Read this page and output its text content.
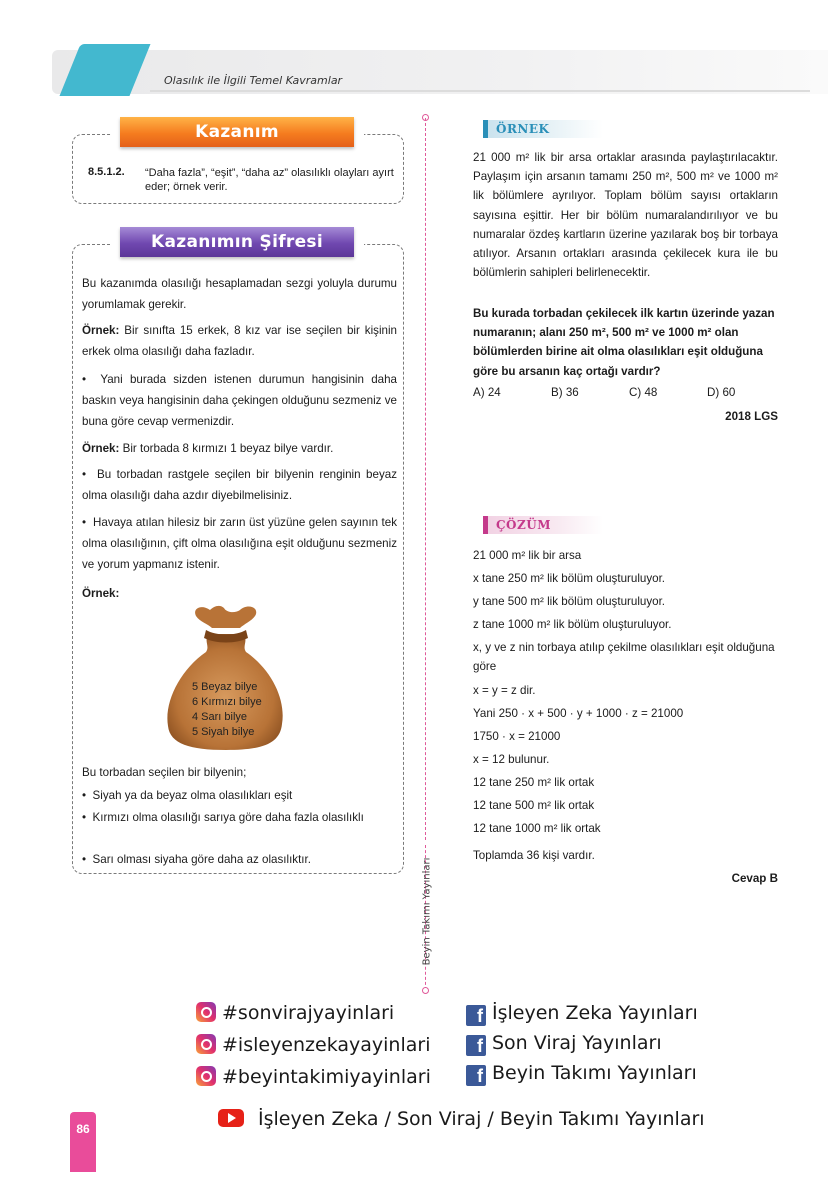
Olasılık ile İlgili Temel Kavramlar
Kazanım
8.5.1.2. “Daha fazla”, “eşit”, “daha az” olasılıklı olayları ayırt eder; örnek verir.
Kazanımın Şifresi
Bu kazanımda olasılığı hesaplamadan sezgi yoluyla durumu yorumlamak gerekir.
Örnek: Bir sınıfta 15 erkek, 8 kız var ise seçilen bir kişinin erkek olma olasılığı daha fazladır.
•  Yani burada sizden istenen durumun hangisinin daha baskın veya hangisinin daha çekingen olduğunu sezmeniz ve buna göre cevap vermenizdir.
Örnek: Bir torbada 8 kırmızı 1 beyaz bilye vardır.
•  Bu torbadan rastgele seçilen bir bilyenin renginin beyaz olma olasılığı daha azdır diyebilmelisiniz.
•  Havaya atılan hilesiz bir zarın üst yüzüne gelen sayının tek olma olasılığının, çift olma olasılığına eşit olduğunu sezmeniz ve yorum yapmanız istenir.
Örnek:
5 Beyaz bilye
6 Kırmızı bilye
4 Sarı bilye
5 Siyah bilye
Bu torbadan seçilen bir bilyenin;
•  Siyah ya da beyaz olma olasılıkları eşit
•  Kırmızı olma olasılığı sarıya göre daha fazla olasılıklı
•  Sarı olması siyaha göre daha az olasılıktır.	Beyin Takımı Yayınları
ÖRNEK
21 000 m² lik bir arsa ortaklar arasında paylaştırılacaktır. Paylaşım için arsanın tamamı 250 m², 500 m² ve 1000 m² lik bölümlere ayrılıyor. Toplam bölüm sayısı ortakların sayısına eşittir. Her bir bölüm numaralandırılıyor ve bu numaralar özdeş kartların üzerine yazılarak boş bir torbaya atılıyor. Arsanın ortakları arasında çekilecek kura ile bu bölümlerin sahipleri belirlenecektir.
Bu kurada torbadan çekilecek ilk kartın üzerinde yazan numaranın; alanı 250 m², 500 m² ve 1000 m² olan bölümlerden birine ait olma olasılıkları eşit olduğuna göre bu arsanın kaç ortağı vardır?
A) 24	B) 36	C) 48	D) 60
2018 LGS
ÇÖZÜM
21 000 m² lik bir arsa
x tane 250 m² lik bölüm oluşturuluyor.
y tane 500 m² lik bölüm oluşturuluyor.
z tane 1000 m² lik bölüm oluşturuluyor.
x, y ve z nin torbaya atılıp çekilme olasılıkları eşit olduğuna göre
x = y = z dir.
Yani 250 · x + 500 · y + 1000 · z = 21000
1750 · x = 21000
x = 12 bulunur.
12 tane 250 m² lik ortak
12 tane 500 m² lik ortak
12 tane 1000 m² lik ortak
Toplamda 36 kişi vardır.
Cevap B
#sonvirajyayinlari
#isleyenzekayayinlari
#beyintakimiyayinlari
f İşleyen Zeka Yayınları
f Son Viraj Yayınları
f Beyin Takımı Yayınları
İşleyen Zeka / Son Viraj / Beyin Takımı Yayınları
86
